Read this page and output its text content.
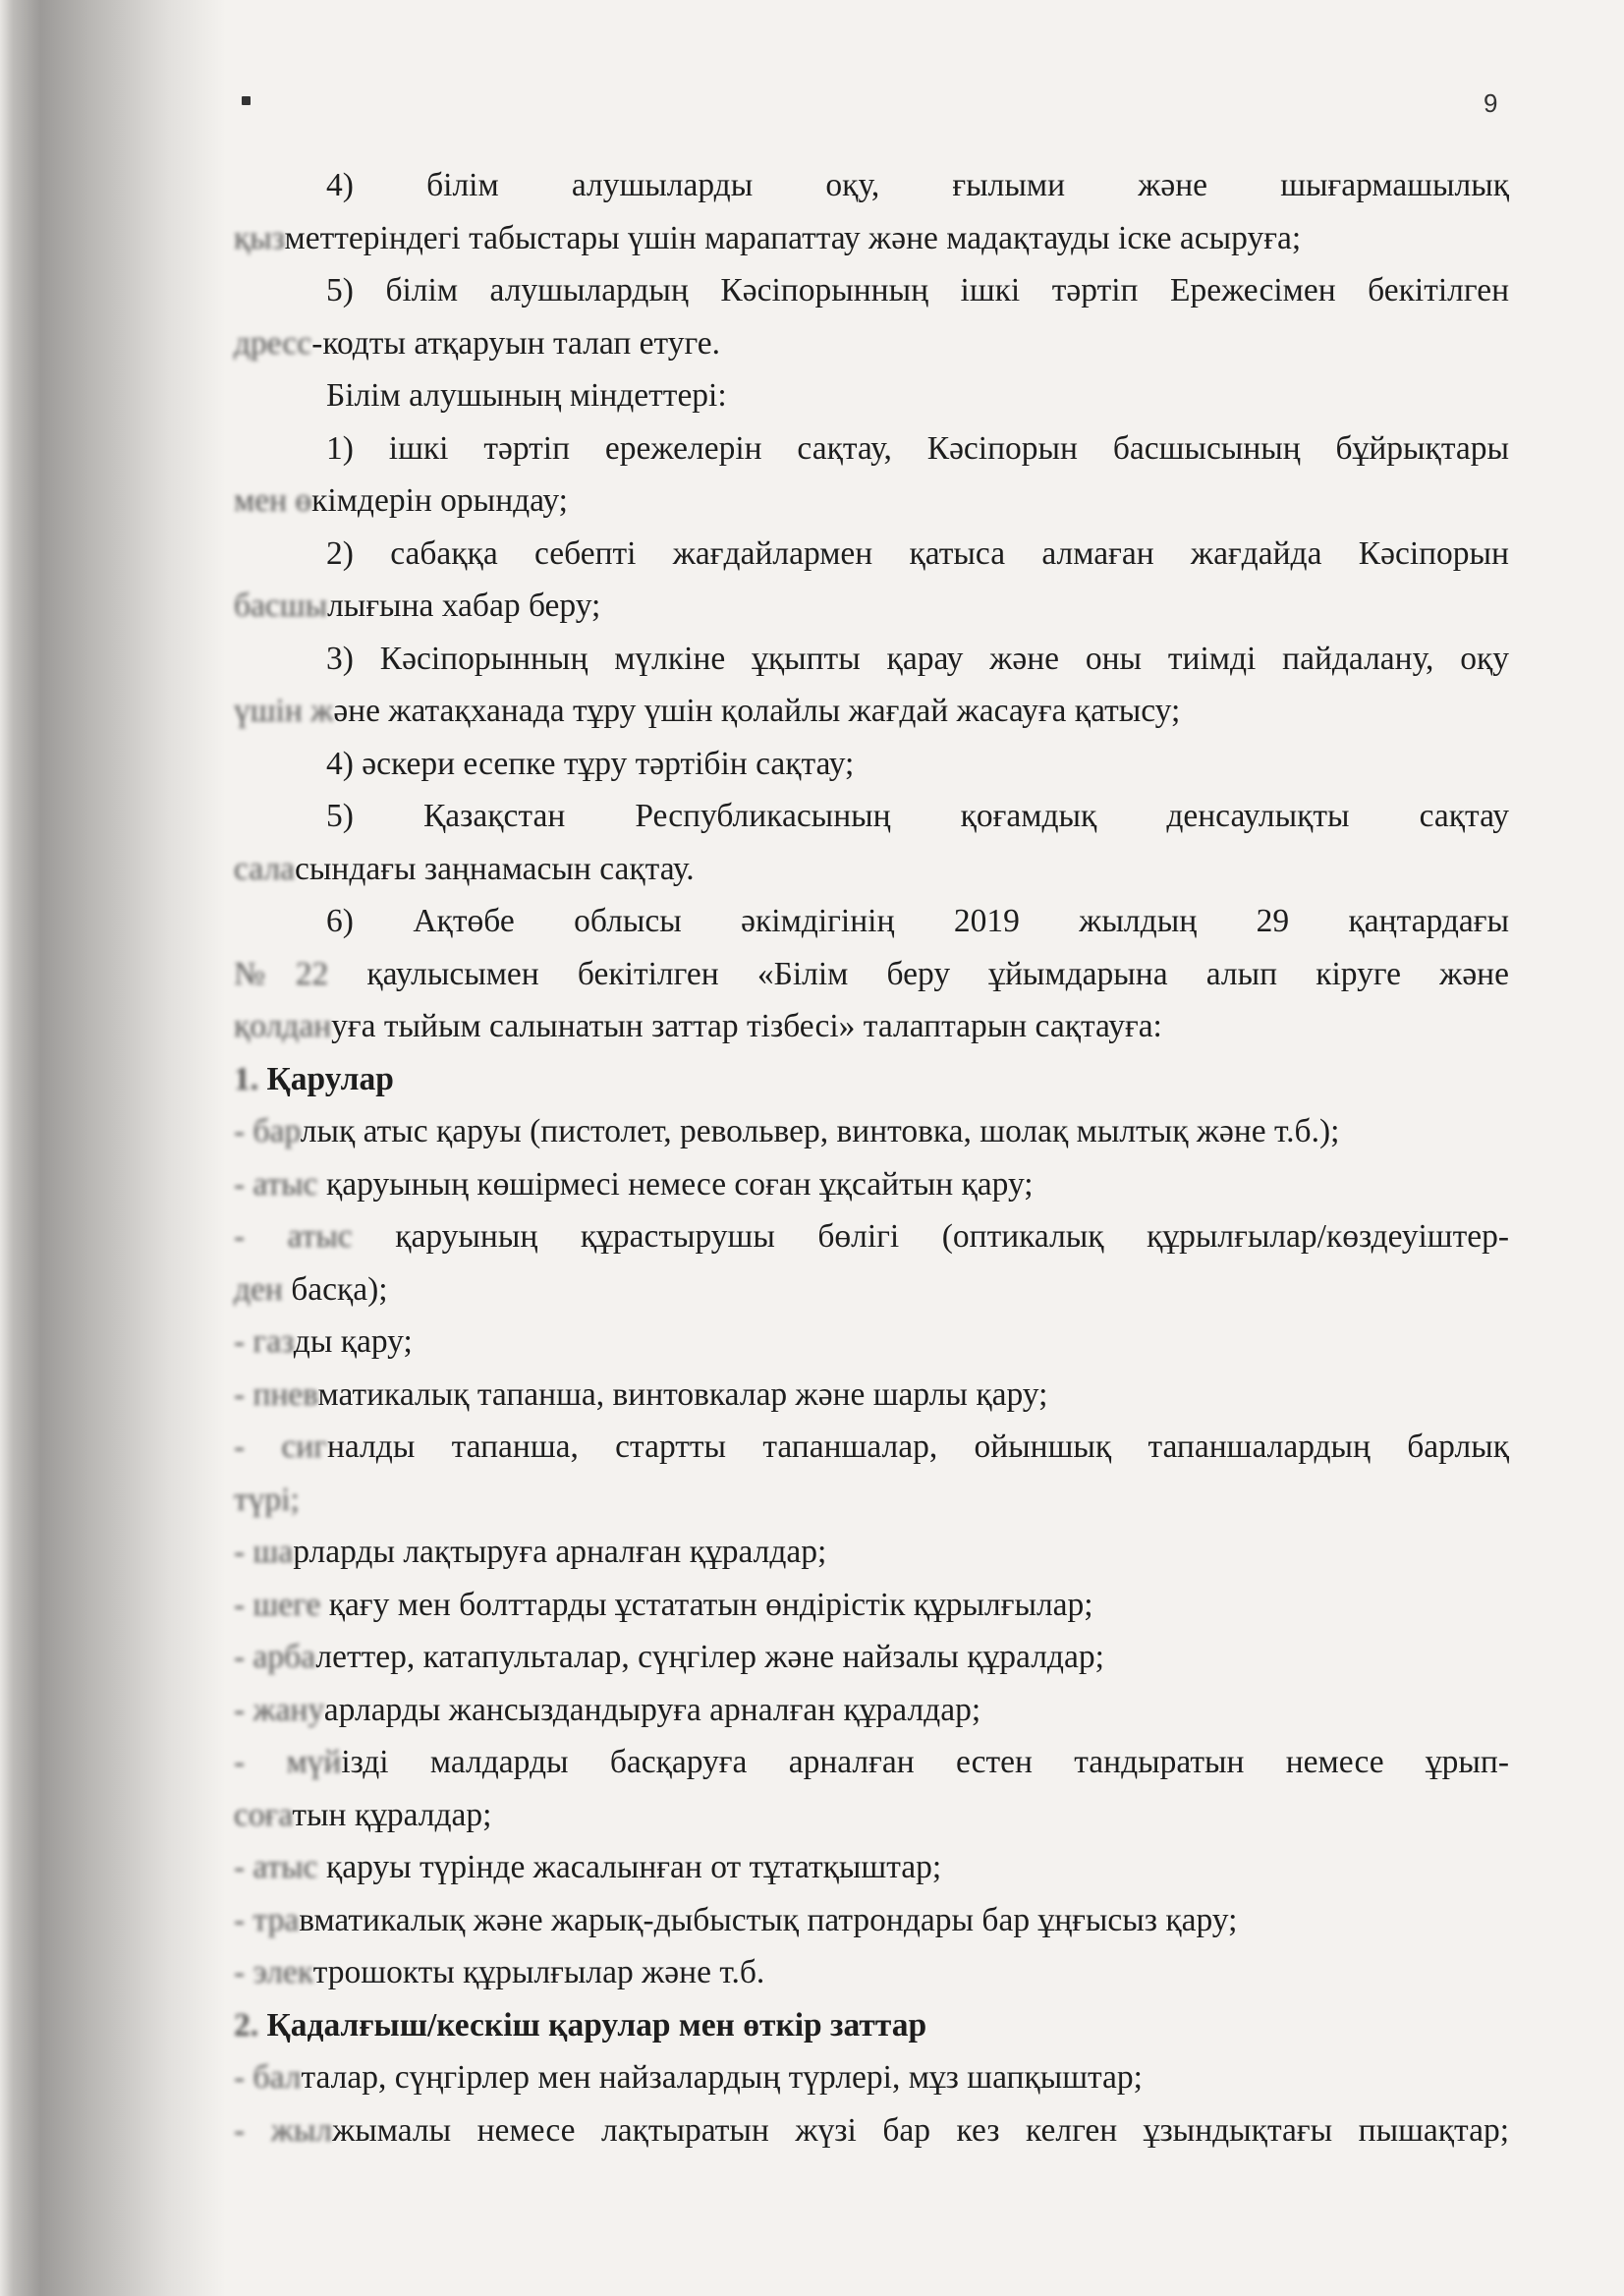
9

4) білім алушыларды оқу, ғылыми және шығармашылық

қызметтеріндегі табыстары үшін марапаттау және мадақтауды іске асыруға;

5) білім алушылардың Кәсіпорынның ішкі тәртіп Ережесімен бекітілген

дресс-кодты атқаруын талап етуге.

Білім алушының міндеттері:

1) ішкі тәртіп ережелерін сақтау, Кәсіпорын басшысының бұйрықтары

мен өкімдерін орындау;

2) сабаққа себепті жағдайлармен қатыса алмаған жағдайда Кәсіпорын

басшылығына хабар беру;

3) Кәсіпорынның мүлкіне ұқыпты қарау және оны тиімді пайдалану, оқу

үшін және жатақханада тұру үшін қолайлы жағдай жасауға қатысу;

4) әскери есепке тұру тәртібін сақтау;

5) Қазақстан Республикасының қоғамдық денсаулықты сақтау

саласындағы заңнамасын сақтау.

6) Ақтөбе облысы әкімдігінің 2019 жылдың 29 қаңтардағы

№22 қаулысымен бекітілген «Білім беру ұйымдарына алып кіруге және

қолдануға тыйым салынатын заттар тізбесі» талаптарын сақтауға:

1. Қарулар

- барлық атыс қаруы (пистолет, револьвер, винтовка, шолақ мылтық және т.б.);

- атыс қаруының көшірмесі немесе соған ұқсайтын қару;

- атыс қаруының құрастырушы бөлігі (оптикалық құрылғылар/көздеуіштер-

ден басқа);

- газды қару;

- пневматикалық тапанша, винтовкалар және шарлы қару;

- сигналды тапанша, стартты тапаншалар, ойыншық тапаншалардың барлық

түрі;

- шарларды лақтыруға арналған құралдар;

- шеге қағу мен болттарды ұстататын өндірістік құрылғылар;

- арбалеттер, катапульталар, сүңгілер және найзалы құралдар;

- жануарларды жансыздандыруға арналған құралдар;

- мүйізді малдарды басқаруға арналған естен тандыратын немесе ұрып-

соғатын құралдар;

- атыс қаруы түрінде жасалынған от тұтатқыштар;

- травматикалық және жарық-дыбыстық патрондары бар ұңғысыз қару;

- электрошокты құрылғылар және т.б.

2. Қадалғыш/кескіш қарулар мен өткір заттар

- балталар, сүңгірлер мен найзалардың түрлері, мұз шапқыштар;

- жылжымалы немесе лақтыратын жүзі бар кез келген ұзындықтағы пышақтар;
